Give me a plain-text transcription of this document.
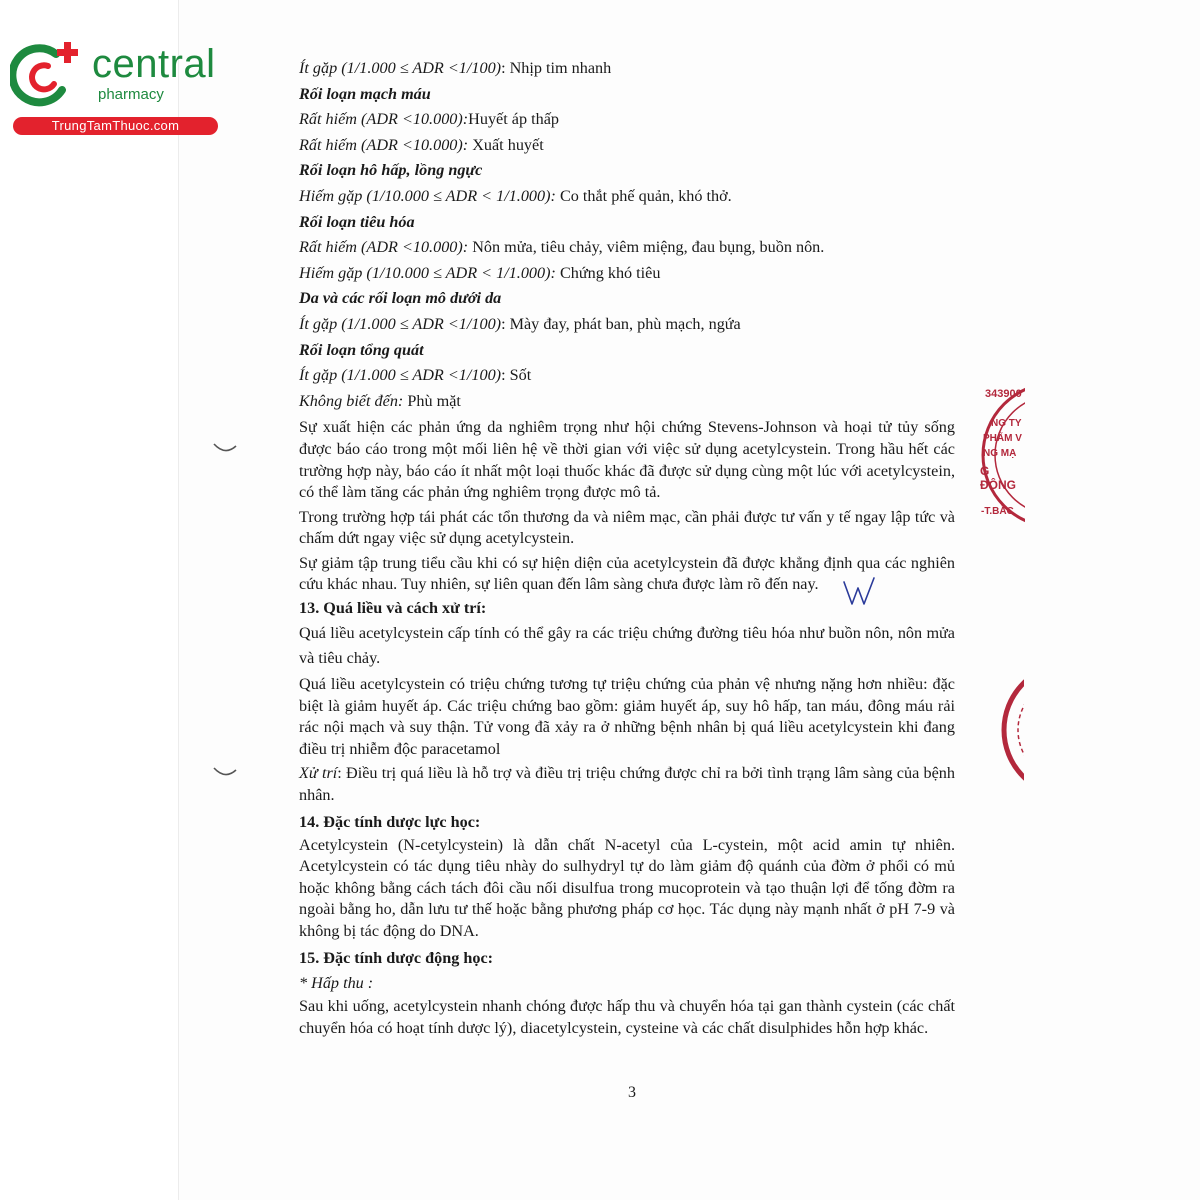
central
pharmacy
TrungTamThuoc.com
Ít gặp (1/1.000 ≤ ADR <1/100): Nhịp tim nhanh
Rối loạn mạch máu
Rất hiếm (ADR <10.000):Huyết áp thấp
Rất hiếm (ADR <10.000): Xuất huyết
Rối loạn hô hấp, lồng ngực
Hiếm gặp (1/10.000 ≤ ADR < 1/1.000): Co thắt phế quản, khó thở.
Rối loạn tiêu hóa
Rất hiếm (ADR <10.000): Nôn mửa, tiêu chảy, viêm miệng, đau bụng, buồn nôn.
Hiếm gặp (1/10.000 ≤ ADR < 1/1.000): Chứng khó tiêu
Da và các rối loạn mô dưới da
Ít gặp (1/1.000 ≤ ADR <1/100): Mày đay, phát ban, phù mạch, ngứa
Rối loạn tổng quát
Ít gặp (1/1.000 ≤ ADR <1/100): Sốt
Không biết đến: Phù mặt

Sự xuất hiện các phản ứng da nghiêm trọng như hội chứng Stevens-Johnson và hoại tử tủy sống được báo cáo trong một mối liên hệ về thời gian với việc sử dụng acetylcystein. Trong hầu hết các trường hợp này, báo cáo ít nhất một loại thuốc khác đã được sử dụng cùng một lúc với acetylcystein, có thể làm tăng các phản ứng nghiêm trọng được mô tả.

Trong trường hợp tái phát các tổn thương da và niêm mạc, cần phải được tư vấn y tế ngay lập tức và chấm dứt ngay việc sử dụng acetylcystein.

Sự giảm tập trung tiểu cầu khi có sự hiện diện của acetylcystein đã được khẳng định qua các nghiên cứu khác nhau. Tuy nhiên, sự liên quan đến lâm sàng chưa được làm rõ đến nay.

13. Quá liều và cách xử trí:

Quá liều acetylcystein cấp tính có thể gây ra các triệu chứng đường tiêu hóa như buồn nôn, nôn mửa và tiêu chảy.

Quá liều acetylcystein có triệu chứng tương tự triệu chứng của phản vệ nhưng nặng hơn nhiều: đặc biệt là giảm huyết áp. Các triệu chứng bao gồm: giảm huyết áp, suy hô hấp, tan máu, đông máu rải rác nội mạch và suy thận. Tử vong đã xảy ra ở những bệnh nhân bị quá liều acetylcystein khi đang điều trị nhiễm độc paracetamol

Xử trí: Điều trị quá liều là hỗ trợ và điều trị triệu chứng được chỉ ra bởi tình trạng lâm sàng của bệnh nhân.

14. Đặc tính dược lực học:

Acetylcystein (N-cetylcystein) là dẫn chất N-acetyl của L-cystein, một acid amin tự nhiên. Acetylcystein có tác dụng tiêu nhày do sulhydryl tự do làm giảm độ quánh của đờm ở phổi có mủ hoặc không bằng cách tách đôi cầu nối disulfua trong mucoprotein và tạo thuận lợi để tống đờm ra ngoài bằng ho, dẫn lưu tư thế hoặc bằng phương pháp cơ học. Tác dụng này mạnh nhất ở pH 7-9 và không bị tác động do DNA.

15. Đặc tính dược động học:
* Hấp thu :

Sau khi uống, acetylcystein nhanh chóng được hấp thu và chuyển hóa tại gan thành cystein (các chất chuyển hóa có hoạt tính dược lý), diacetylcystein, cysteine và các chất disulphides hỗn hợp khác.

3
343900
NG TY
PHẨM V
NG MẠ
G ĐÔNG
-T.BẮC
